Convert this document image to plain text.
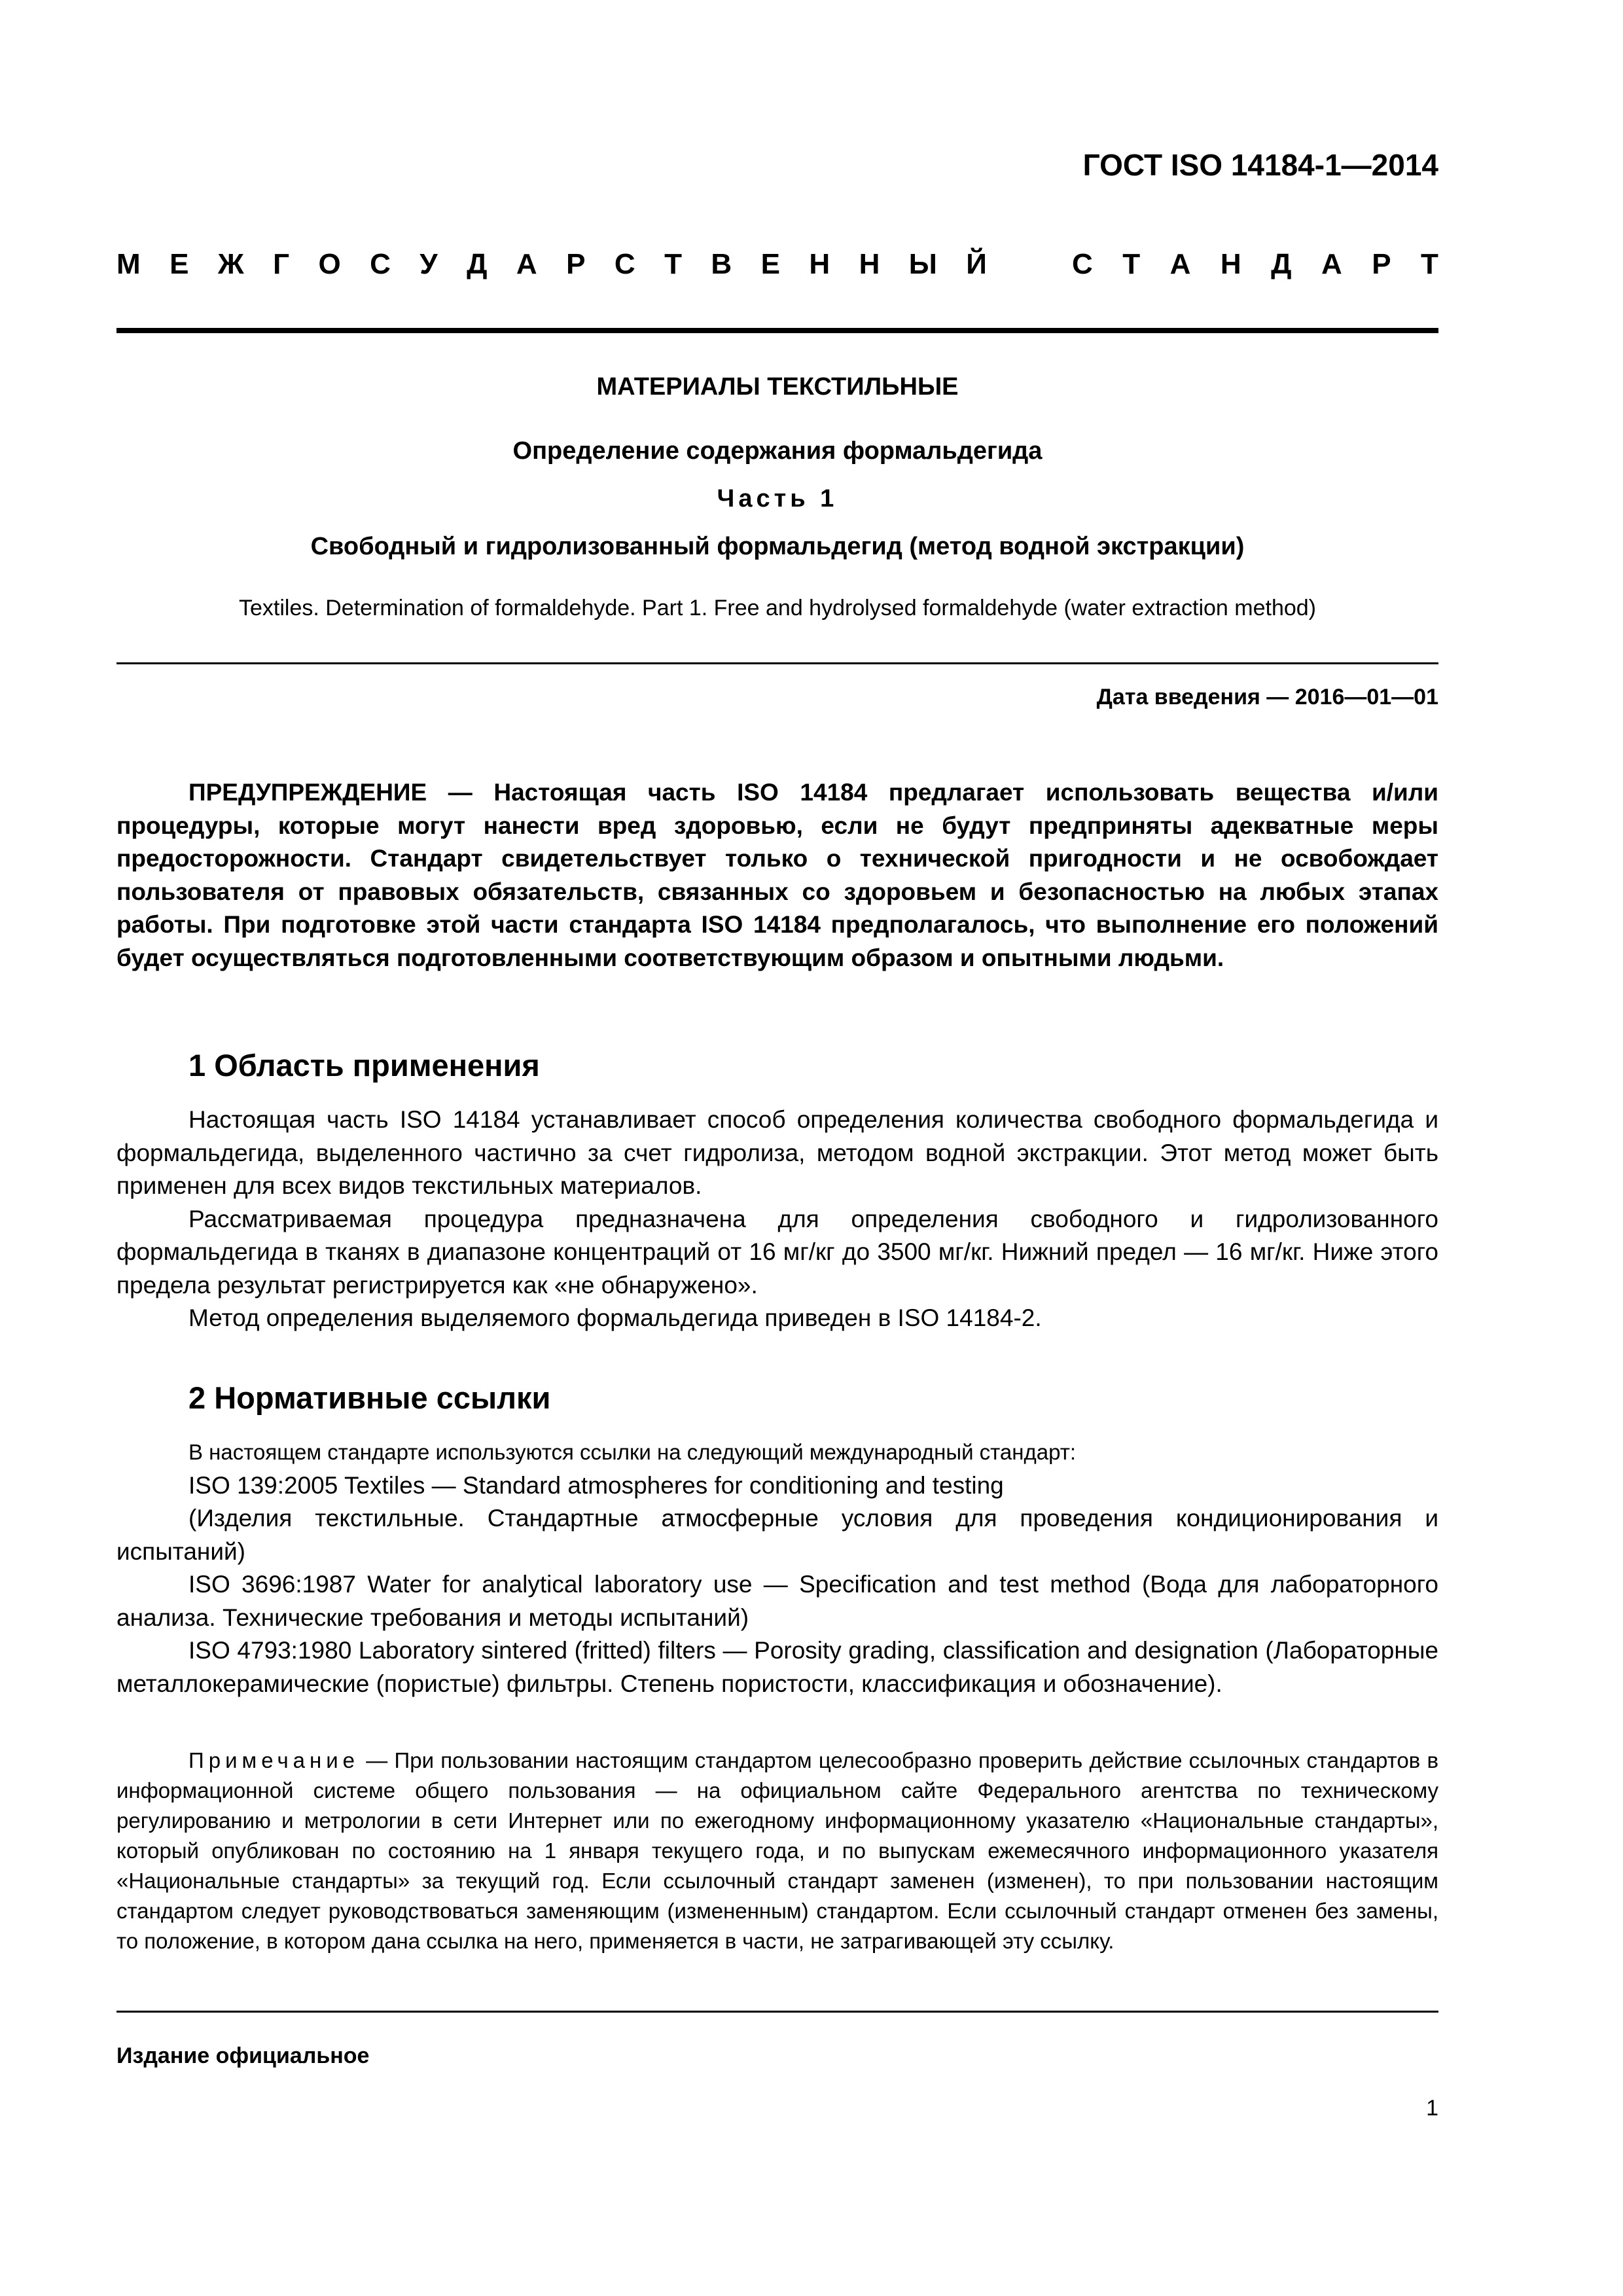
ГОСТ ISO 14184-1—2014
М Е Ж Г О С У Д А Р С Т В Е Н Н Ы Й	С Т А Н Д А Р Т
МАТЕРИАЛЫ ТЕКСТИЛЬНЫЕ
Определение содержания формальдегида
Часть 1
Свободный и гидролизованный формальдегид (метод водной экстракции)
Textiles. Determination of formaldehyde. Part 1. Free and hydrolysed formaldehyde (water extraction method)
Дата введения — 2016—01—01

ПРЕДУПРЕЖДЕНИЕ — Настоящая часть ISO 14184 предлагает использовать вещества и/или процедуры, которые могут нанести вред здоровью, если не будут предприняты адекватные меры предосторожности. Стандарт свидетельствует только о технической пригодности и не освобождает пользователя от правовых обязательств, связанных со здоровьем и безопасностью на любых этапах работы. При подготовке этой части стандарта ISO 14184 предполагалось, что выполнение его положений будет осуществляться подготовленными соответствующим образом и опытными людьми.

1 Область применения

Настоящая часть ISO 14184 устанавливает способ определения количества свободного формальдегида и формальдегида, выделенного частично за счет гидролиза, методом водной экстракции. Этот метод может быть применен для всех видов текстильных материалов.

Рассматриваемая процедура предназначена для определения свободного и гидролизованного формальдегида в тканях в диапазоне концентраций от 16 мг/кг до 3500 мг/кг. Нижний предел — 16 мг/кг. Ниже этого предела результат регистрируется как «не обнаружено».

Метод определения выделяемого формальдегида приведен в ISO 14184-2.

2 Нормативные ссылки

В настоящем стандарте используются ссылки на следующий международный стандарт:

ISO 139:2005 Textiles — Standard atmospheres for conditioning and testing

(Изделия текстильные. Стандартные атмосферные условия для проведения кондиционирования и испытаний)

ISO 3696:1987 Water for analytical laboratory use — Specification and test method (Вода для лабораторного анализа. Технические требования и методы испытаний)

ISO 4793:1980 Laboratory sintered (fritted) filters — Porosity grading, classification and designation (Лабораторные металлокерамические (пористые) фильтры. Степень пористости, классификация и обозначение).

Примечание — При пользовании настоящим стандартом целесообразно проверить действие ссылочных стандартов в информационной системе общего пользования — на официальном сайте Федерального агентства по техническому регулированию и метрологии в сети Интернет или по ежегодному информационному указателю «Национальные стандарты», который опубликован по состоянию на 1 января текущего года, и по выпускам ежемесячного информационного указателя «Национальные стандарты» за текущий год. Если ссылочный стандарт заменен (изменен), то при пользовании настоящим стандартом следует руководствоваться заменяющим (измененным) стандартом. Если ссылочный стандарт отменен без замены, то положение, в котором дана ссылка на него, применяется в части, не затрагивающей эту ссылку.

Издание официальное
1
